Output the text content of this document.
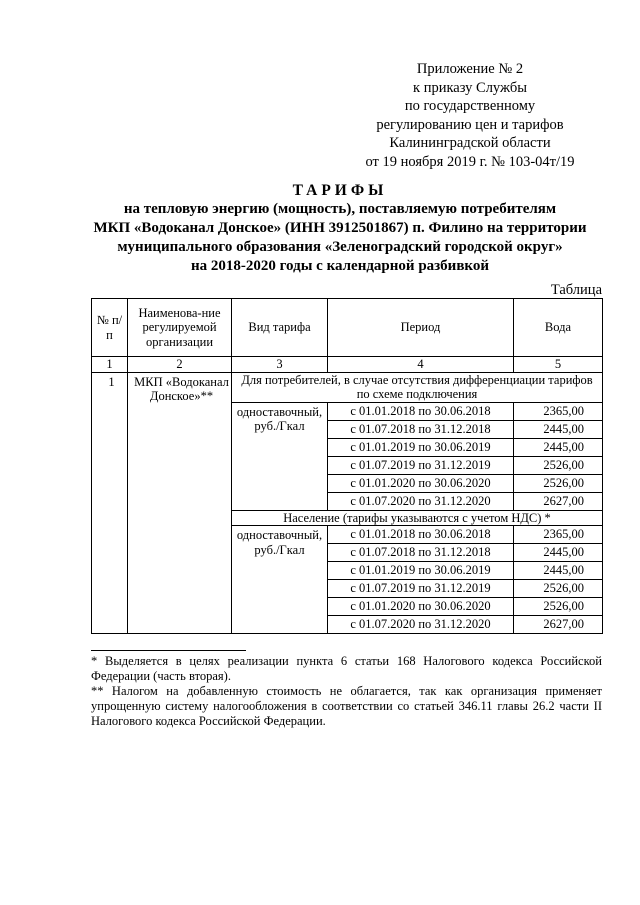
Приложение № 2
к приказу Службы
по государственному
регулированию цен и тарифов
Калининградской области
от 19 ноября 2019 г. № 103-04т/19
ТАРИФЫ
на тепловую энергию (мощность), поставляемую потребителям
МКП «Водоканал Донское» (ИНН 3912501867) п. Филино на территории
муниципального образования «Зеленоградский городской округ»
на 2018-2020 годы с календарной разбивкой
Таблица
№ п/п	Наименова-ние регулируемой организации	Вид тарифа	Период	Вода
1	2	3	4	5
1	МКП «Водоканал Донское»**	Для потребителей, в случае отсутствия дифференциации тарифов по схеме подключения		
		одноставочный, руб./Гкал	с 01.01.2018 по 30.06.2018	2365,00
			с 01.07.2018 по 31.12.2018	2445,00
			с 01.01.2019 по 30.06.2019	2445,00
			с 01.07.2019 по 31.12.2019	2526,00
			с 01.01.2020 по 30.06.2020	2526,00
			с 01.07.2020 по 31.12.2020	2627,00
		Население (тарифы указываются с учетом НДС) *		
		одноставочный, руб./Гкал	с 01.01.2018 по 30.06.2018	2365,00
			с 01.07.2018 по 31.12.2018	2445,00
			с 01.01.2019 по 30.06.2019	2445,00
			с 01.07.2019 по 31.12.2019	2526,00
			с 01.01.2020 по 30.06.2020	2526,00
			с 01.07.2020 по 31.12.2020	2627,00

* Выделяется в целях реализации пункта 6 статьи 168 Налогового кодекса Российской Федерации (часть вторая).

** Налогом на добавленную стоимость не облагается, так как организация применяет упрощенную систему налогообложения в соответствии со статьей 346.11 главы 26.2 части II Налогового кодекса Российской Федерации.
